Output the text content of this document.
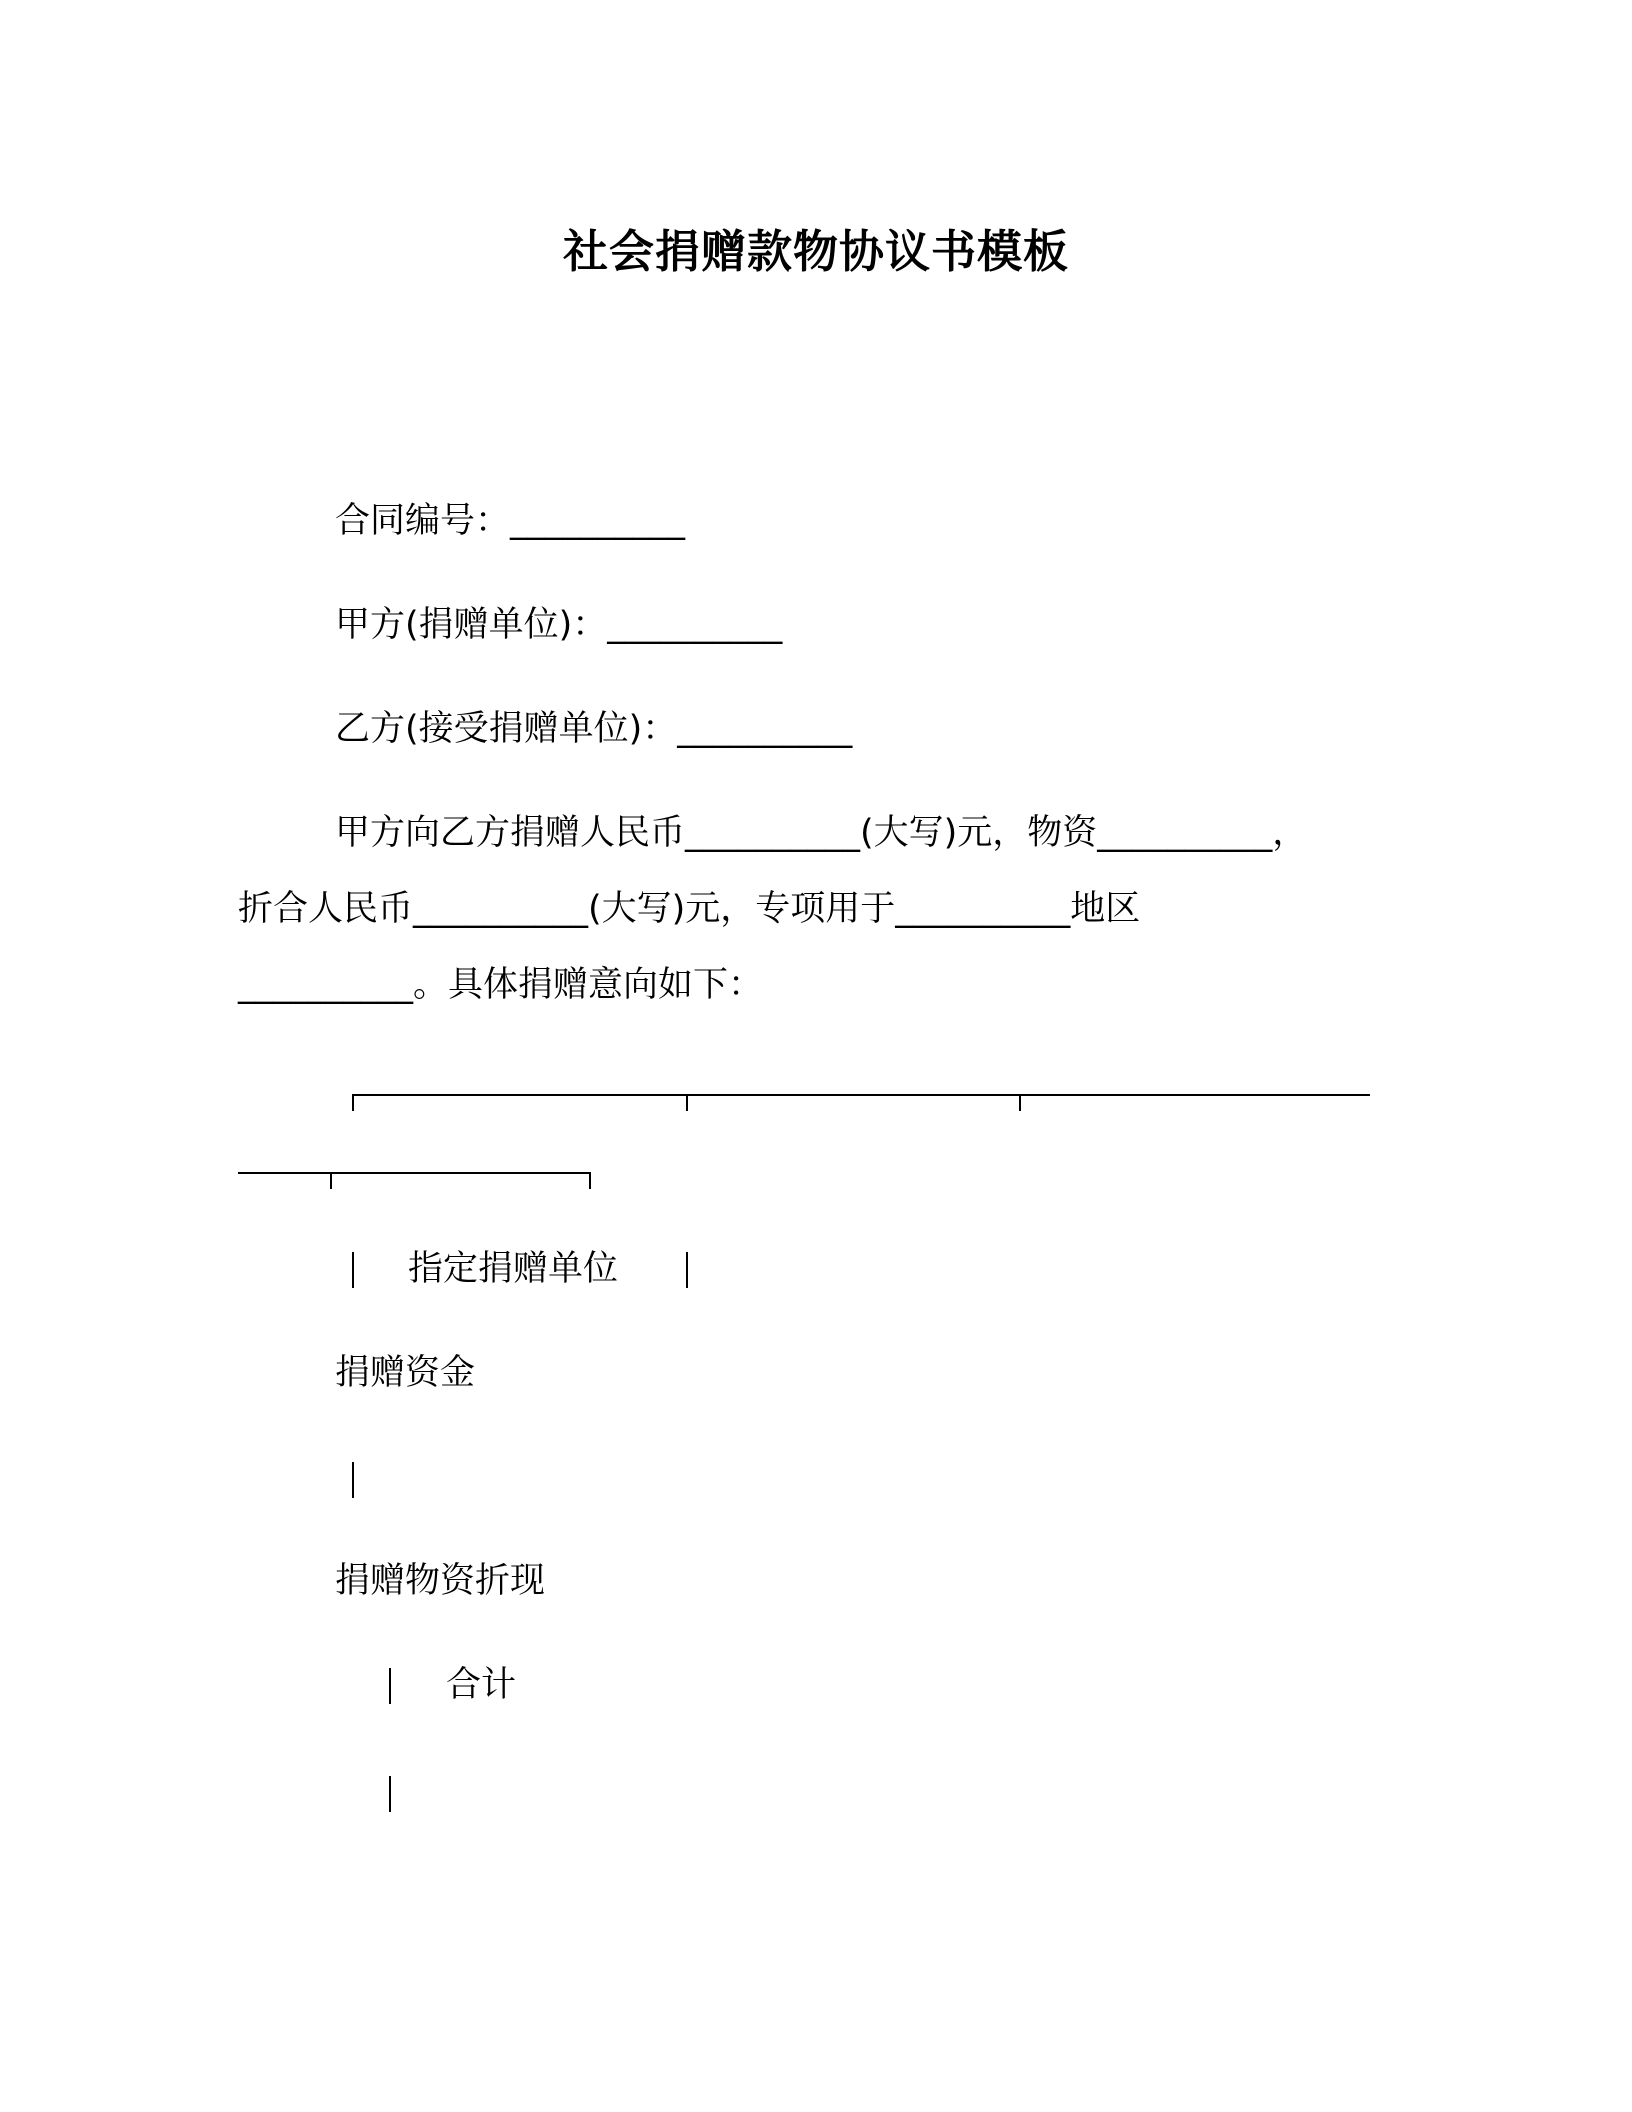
社会捐赠款物协议书模板
合同编号：__________
甲方(捐赠单位)：__________
乙方(接受捐赠单位)：__________
甲方向乙方捐赠人民币__________(大写)元，物资__________，
折合人民币__________(大写)元，专项用于__________地区
__________。具体捐赠意向如下：
指定捐赠单位
捐赠资金
捐赠物资折现
合计
